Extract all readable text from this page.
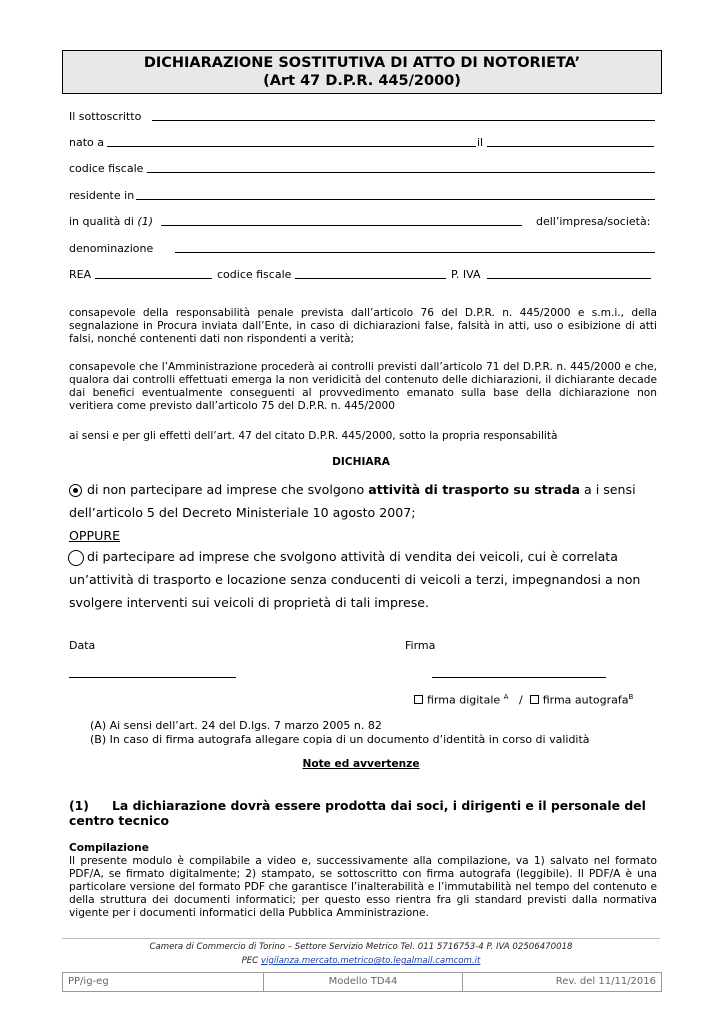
DICHIARAZIONE SOSTITUTIVA DI ATTO DI NOTORIETA’
(Art 47 D.P.R. 445/2000)
Il sottoscritto
nato a	il
codice fiscale
residente in
in qualità di (1)	dell’impresa/società:
denominazione
REA	codice fiscale	P. IVA
consapevole della responsabilità penale prevista dall’articolo 76 del D.P.R. n. 445/2000 e s.m.i., della segnalazione in Procura inviata dall’Ente, in caso di dichiarazioni false, falsità in atti, uso o esibizione di atti falsi, nonché contenenti dati non rispondenti a verità;
consapevole che l’Amministrazione procederà ai controlli previsti dall’articolo 71 del D.P.R. n. 445/2000 e che, qualora dai controlli effettuati emerga la non veridicità del contenuto delle dichiarazioni, il dichiarante decade dai benefici eventualmente conseguenti al provvedimento emanato sulla base della dichiarazione non veritiera come previsto dall’articolo 75 del D.P.R. n. 445/2000
ai sensi e per gli effetti dell’art. 47 del citato D.P.R. 445/2000, sotto la propria responsabilità
DICHIARA
di non partecipare ad imprese che svolgono attività di trasporto su strada a i sensi
dell’articolo 5 del Decreto Ministeriale 10 agosto 2007;
OPPURE
di partecipare ad imprese che svolgono attività di vendita dei veicoli, cui è correlata
un’attività di trasporto e locazione senza conducenti di veicoli a terzi, impegnandosi a non
svolgere interventi sui veicoli di proprietà di tali imprese.
Data	Firma
firma digitale $^A$ / firma autografa$^B$
(A) Ai sensi dell’art. 24 del D.lgs. 7 marzo 2005 n. 82
(B) In caso di firma autografa allegare copia di un documento d’identità in corso di validità
Note ed avvertenze
(1) La dichiarazione dovrà essere prodotta dai soci, i dirigenti e il personale del
centro tecnico
Compilazione
Il presente modulo è compilabile a video e, successivamente alla compilazione, va 1) salvato nel formato PDF/A, se firmato digitalmente; 2) stampato, se sottoscritto con firma autografa (leggibile). Il PDF/A è una particolare versione del formato PDF che garantisce l’inalterabilità e l’immutabilità nel tempo del contenuto e della struttura dei documenti informatici; per questo esso rientra fra gli standard previsti dalla normativa vigente per i documenti informatici della Pubblica Amministrazione.
Camera di Commercio di Torino – Settore Servizio Metrico Tel. 011 5716753-4 P. IVA 02506470018
PEC vigilanza.mercato.metrico@to.legalmail.camcom.it
PP/ig-eg	Modello TD44	Rev. del 11/11/2016
